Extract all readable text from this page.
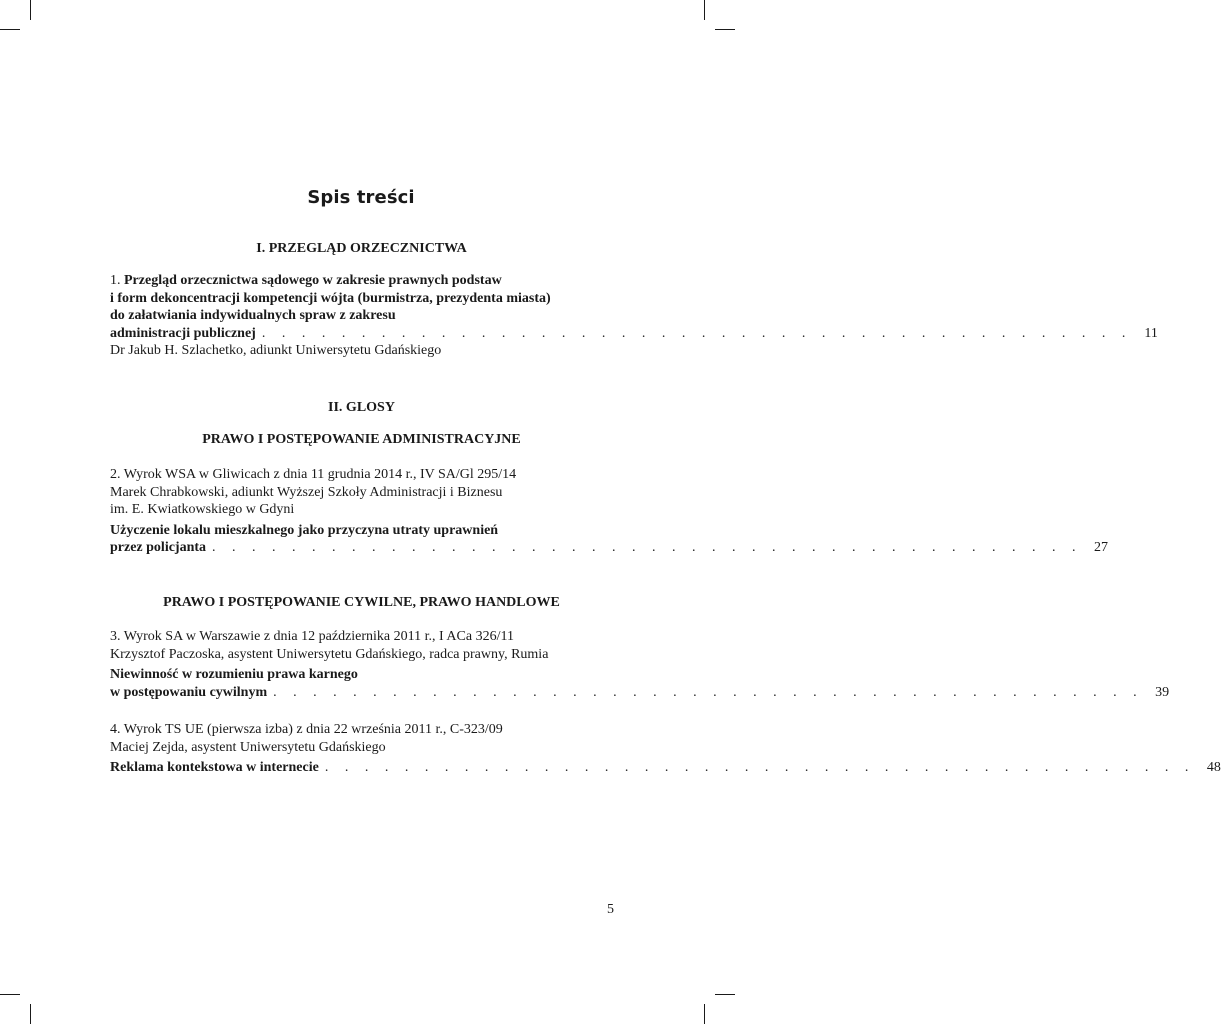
Spis treści
I. PRZEGLĄD ORZECZNICTWA
1. Przegląd orzecznictwa sądowego w zakresie prawnych podstaw
i form dekoncentracji kompetencji wójta (burmistrza, prezydenta miasta)
do załatwiania indywidualnych spraw z zakresu
administracji publicznej . . . . . . . . . . . . . . . . . . . . . . . . . . . . . . . . . . . . . . . . . . . . 11
Dr Jakub H. Szlachetko, adiunkt Uniwersytetu Gdańskiego
II. GLOSY
PRAWO I POSTĘPOWANIE ADMINISTRACYJNE
2. Wyrok WSA w Gliwicach z dnia 11 grudnia 2014 r., IV SA/Gl 295/14
Marek Chrabkowski, adiunkt Wyższej Szkoły Administracji i Biznesu
im. E. Kwiatkowskiego w Gdyni
Użyczenie lokalu mieszkalnego jako przyczyna utraty uprawnień
przez policjanta . . . . . . . . . . . . . . . . . . . . . . . . . . . . . . . . . . . . . . . . . . . . 27
PRAWO I POSTĘPOWANIE CYWILNE, PRAWO HANDLOWE
3. Wyrok SA w Warszawie z dnia 12 października 2011 r., I ACa 326/11
Krzysztof Paczoska, asystent Uniwersytetu Gdańskiego, radca prawny, Rumia
Niewinność w rozumieniu prawa karnego
w postępowaniu cywilnym . . . . . . . . . . . . . . . . . . . . . . . . . . . . . . . . . . . . . . . . . . . . 39
4. Wyrok TS UE (pierwsza izba) z dnia 22 września 2011 r., C-323/09
Maciej Zejda, asystent Uniwersytetu Gdańskiego
Reklama kontekstowa w internecie . . . . . . . . . . . . . . . . . . . . . . . . . . . . . . . . . . . . . . . . . . . . 48
5
